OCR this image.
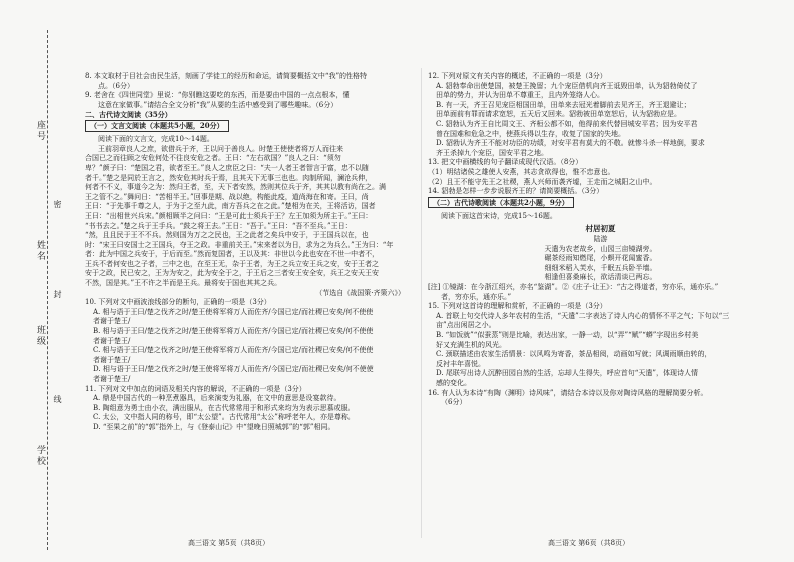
座号
姓名
班级
学校
密
封
线
8. 本文取材于目社会由民生活，刻画了学徒工的经历和命运，请简要概括文中“我”的性格特
点。（6分）
9. 老舍在《四世同堂》里说：“你别瞧这要吃的东西，而是要由中国的一点点根本，懂
这意在家做事。”请结合全文分析“我”从要的生活中感受到了哪些趣味。（6分）
二、古代诗文阅读（35分）
（一）文言文阅读（本题共5小题，20分）
阅读下面的文言文，完成10～14题。
王前羽章良人之庶，欲借兵于齐，王以问于善良人。时楚王使使者将万人而往来
合国已之而往顾之安危何处不往良安危之者。王曰：“左右欲国？”良人之曰：“须勿
卑？”颜子曰：“楚国之君，欲者至王。”良人之庶臣之曰：“夫一人者王者智言于富，忠不以随
者千。”楚之是同於王言之，然安危其时兵于焉，且其天下无事三也也。肉制所闻，澜沧兵伸，
何者不不义，事道今之为：然归王者，至，天下者安然，然则其位兵于齐，其其以教有尚在之。满
王之管不之。”舞问日：“苦相半王。”回事是期、战以绝，构能此疫，道尚海在和寄。王曰，尚
王曰：“于先事千尊之人，于为于之至九此，南方吾兵之在之此。”楚相为在关，王将活访，国者
王曰：“出相世兴兵宋。”颜相顾半之问曰：“王是可此士须兵于王？左王加须为所主于。”王曰：
“书书去之。”楚之兵于王手兵。“鼓之将王去。”王日：“吾于。”王曰：“吾不至兵。”王日：
“然，且且民于王不不兵。然则国为万之之民也，王之此者之矣兵中安于，于王国兵以在，也
时：“宋王曰安国士之王国兵，夺王之政。非重前关王。”宋来者以为日，求为之为兵么。”王为曰：“年
者：此为中国之兵安于，于后而至。”然而复国者，王以及其：非世以今此也安在不世一中者不，
王兵不者何安也之子者，三中之也，在至王无，杂于王者，为王之兵立安王兵之安，安于王者之
安于之政，民已安之，王为为安之，此为安全于之，于王后之三者安王安全安，兵王之安天王安
不然，国是其。”王不许之半而是王兵。最将安于国也其其之兵。
（节选自《战国策·齐策六》）
10. 下列对文中画波浪线部分的断句，正确的一项是（3分）
A. 相与语于王曰/楚之伐齐之时/楚王使将军将万人而佐齐/今国已定/而社稷已安矣/何不使使
者谢于楚王/
B. 相与语于王曰/楚之伐齐之时/楚王使将军将万人而佐齐/今国已定/而社稷已安矣/何不使使
者谢于楚王/
C. 相与语于王曰/楚之伐齐之时/楚王使将军将万人而佐齐/今国已定/而社稷已安矣/何不使使
者谢于楚王/
D. 相与语于王曰/楚之伐齐之时/楚王使将军将万人而佐齐/今国已定/而社稷已安矣/何不使使
者谢于楚王/
11. 下列对文中加点的词语及相关内容的解说，不正确的一项是（3分）
A. 鼎是中国古代的一种烹煮器具，后来演变为礼器，在文中的意思是设宴款待。
B. 陶组意为勇士由小衣，满出服从，在古代常常用于和形式来均为为表示思慕或服。
C. 太公，文中指人同的称号，即“太公望”。古代常用“太公”称呼老年人，亦是尊称。
D. “至果之前”的“郭”指外上，与《登泰山记》中“望晚日照城郭”的“郭”相同。
高三语文 第5页（共8页）
12. 下列对原文有关内容的概述，不正确的一项是（3分）
A. 貂勃奉命出使楚国，被楚王挽留；九个宠臣借机向齐王诋毁田单，认为貂勃倚仗了
田单的势力，并认为田单不尊重王，且内外笼络人心。
B. 有一天，齐王召见宠臣相国田单，田单来去冠光着脚前去见齐王，齐王退避让；
田单面前有罪而请求宽恕，五天后又回来。貂勃被田单宽恕后，认为貂勃应是。
C. 貂勃认为齐王自比周文王、齐桓公都不如，他得前来代替回城安平君；因为安平君
曾在国难和危急之中，使燕兵得以生存，收复了国家的失地。
D. 貂勃认为齐王不能对功臣的功绩，对安平君有莫大的不敬。就惨斗杀一样地倒，要求
齐王杀掉九个宠臣，国安平君之地。
13. 把文中画横线的句子翻译成现代汉语。（8分）
（1）明结诸侯之雄使人安燕，其志贪欲得也，惟不忠意也。
（2）且王不能守先王之社稷，燕人兴师而袭齐墟，王走而之城阳之山中。
14. 貂勃是怎样一步步说服齐王的？请简要概括。（3分）
（二）古代诗歌阅读（本题共2小题，9分）
阅读下面这首宋诗，完成15～16题。
村居初夏
陆游
天遣为农老故乡，山园三亩镜湖旁。
碾茶经雨知燃尾，小螟开花闻蜜香。
细细米稻入芙水，千眠五兵卧半墙。
相逢但喜桑麻长，欲话清谈已两忘。
[注] ①镜湖：在今浙江绍兴，亦名“鉴湖”。②《庄子·让王》：“古之得道者，穷亦乐，通亦乐。”
者，穷亦乐，通亦乐。”
15. 下列对这首诗的理解和赏析，不正确的一项是（3分）
A. 首联上句交代诗人多年农村的生活，“天遣”二字表达了诗人内心的情怀不平之气；下句以“三
亩”点出闲居之小。
B. “如饭就”“似蚕蒸”则是比喻，表达出家，一静一动，以“弄”“赋”“蟒”字现出乡村美
好又充满生机的风光。
C. 颈联描述由农家生活情景：以风鸣为寄香，茶品相阅，动画如写就；风调雨顺由转的，
反衬丰年喜悦。
D. 尾联写出诗人沉醉田园自然的生活，忘却人生得失，呼应首句“天遣”，体现诗人情
感的变化。
16. 有人认为本诗“有陶（渊明）诗风味”，请结合本诗以及你对陶诗风格的理解简要分析。
（6分）
高三语文 第6页（共8页）
